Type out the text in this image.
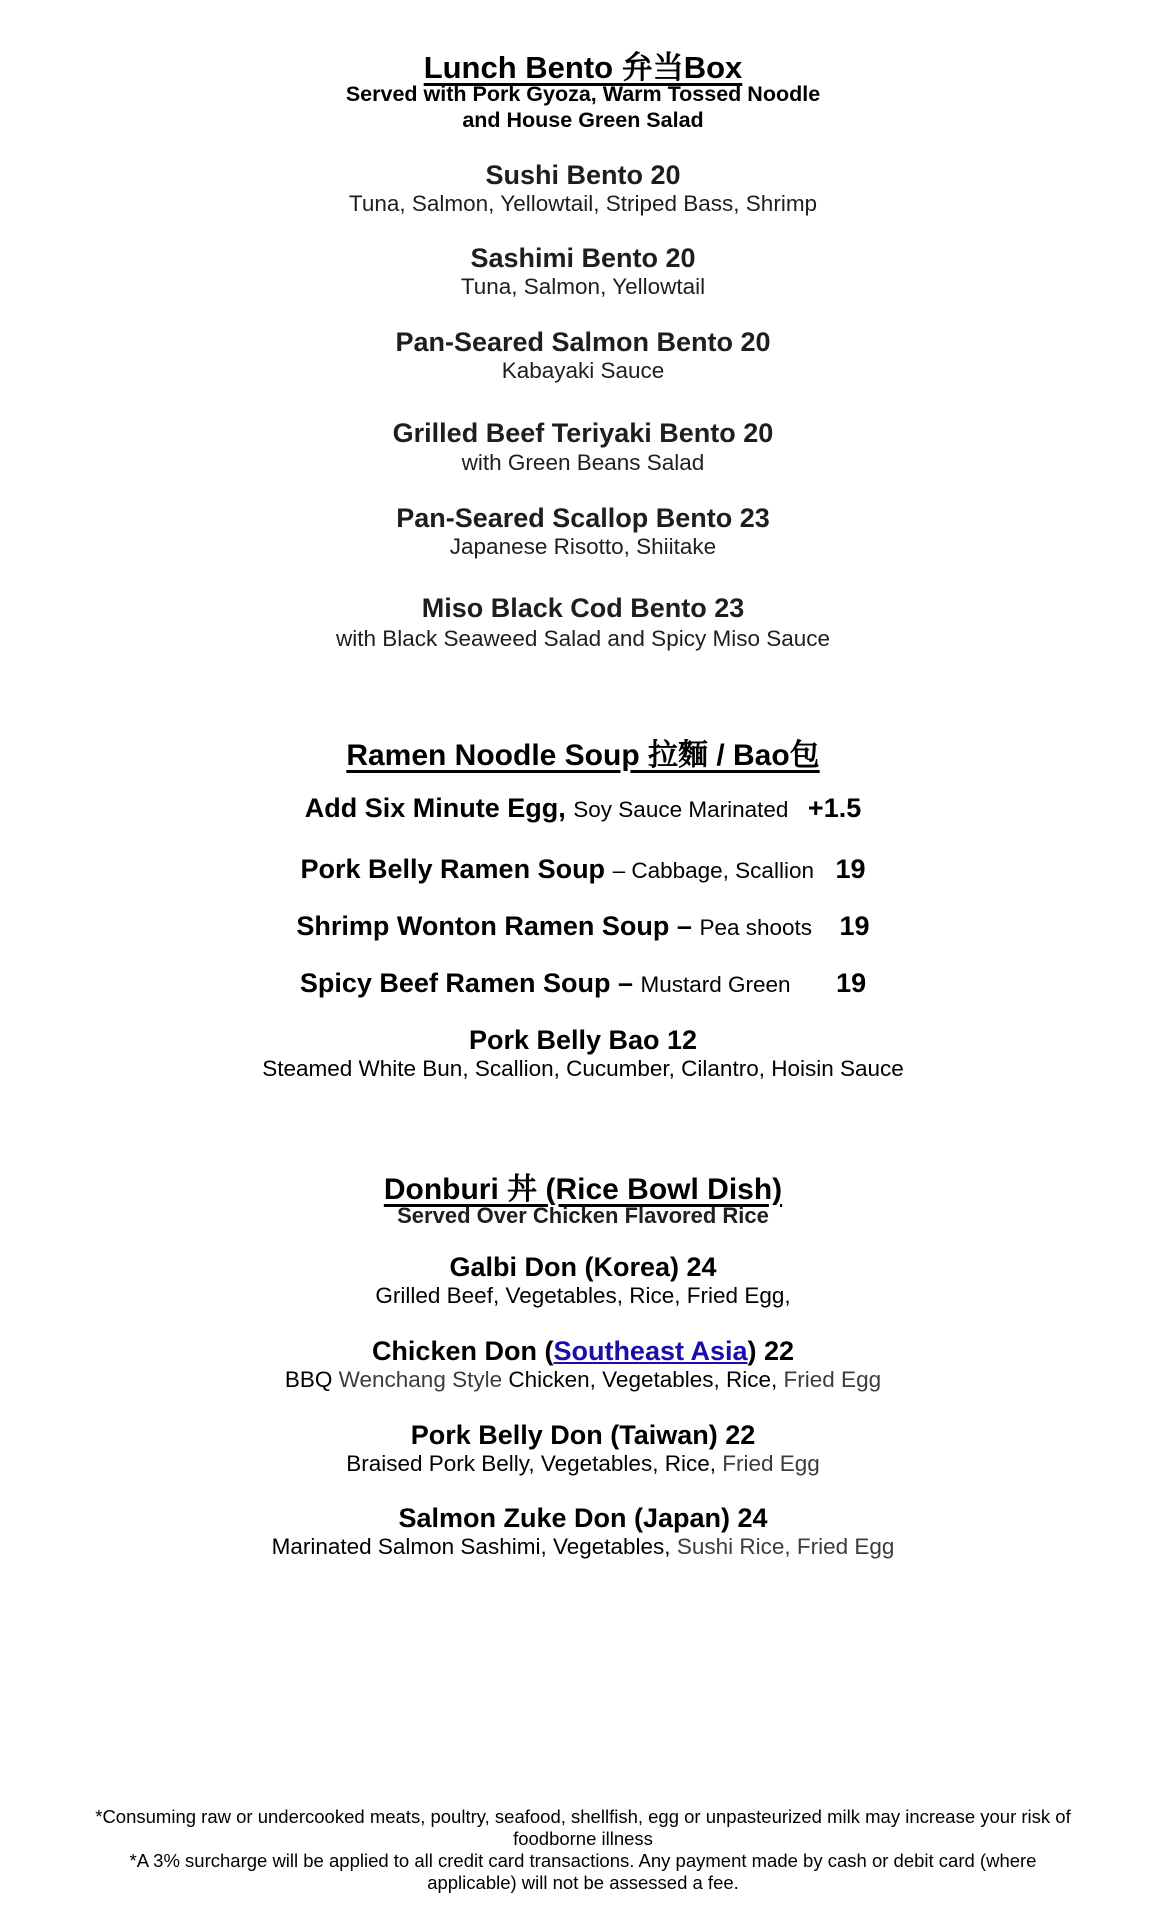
Lunch Bento 弁当Box
Served with Pork Gyoza, Warm Tossed Noodle
and House Green Salad
Sushi Bento 20
Tuna, Salmon, Yellowtail, Striped Bass, Shrimp
Sashimi Bento 20
Tuna, Salmon, Yellowtail
Pan-Seared Salmon Bento 20
Kabayaki Sauce
Grilled Beef Teriyaki Bento 20
with Green Beans Salad
Pan-Seared Scallop Bento 23
Japanese Risotto, Shiitake
Miso Black Cod Bento 23
with Black Seaweed Salad and Spicy Miso Sauce
Ramen Noodle Soup 拉麵 / Bao包
Add Six Minute Egg, Soy Sauce Marinated +1.5
Pork Belly Ramen Soup – Cabbage, Scallion 19
Shrimp Wonton Ramen Soup – Pea shoots 19
Spicy Beef Ramen Soup – Mustard Green 19
Pork Belly Bao 12
Steamed White Bun, Scallion, Cucumber, Cilantro, Hoisin Sauce
Donburi 丼 (Rice Bowl Dish)
Served Over Chicken Flavored Rice
Galbi Don (Korea) 24
Grilled Beef, Vegetables, Rice, Fried Egg,
Chicken Don (Southeast Asia) 22
BBQ Wenchang Style Chicken, Vegetables, Rice, Fried Egg
Pork Belly Don (Taiwan) 22
Braised Pork Belly, Vegetables, Rice, Fried Egg
Salmon Zuke Don (Japan) 24
Marinated Salmon Sashimi, Vegetables, Sushi Rice, Fried Egg
*Consuming raw or undercooked meats, poultry, seafood, shellfish, egg or unpasteurized milk may increase your risk of
foodborne illness
*A 3% surcharge will be applied to all credit card transactions. Any payment made by cash or debit card (where
applicable) will not be assessed a fee.
